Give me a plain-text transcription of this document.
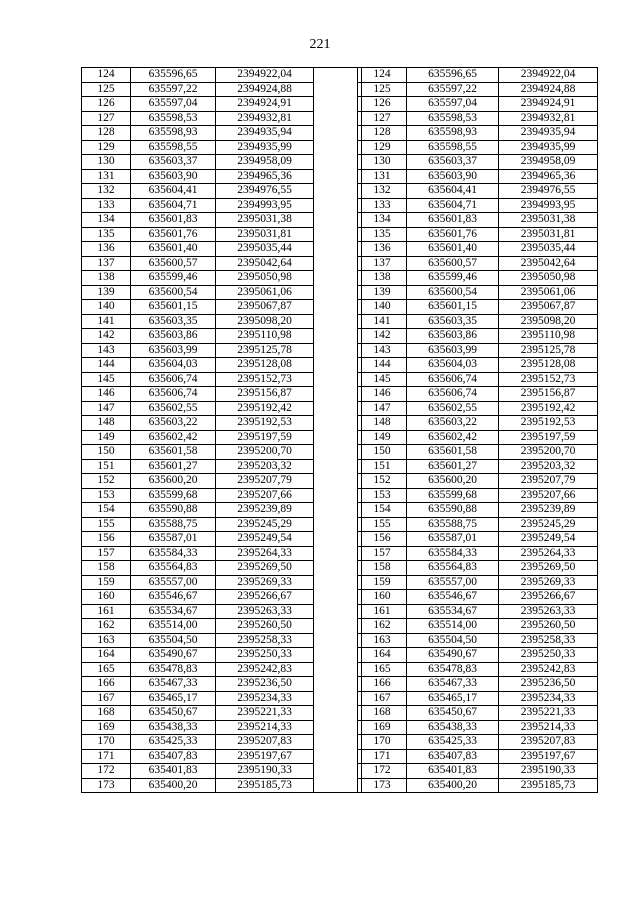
221
124	635596,65	2394922,04	
125	635597,22	2394924,88	
126	635597,04	2394924,91	
127	635598,53	2394932,81	
128	635598,93	2394935,94	
129	635598,55	2394935,99	
130	635603,37	2394958,09	
131	635603,90	2394965,36	
132	635604,41	2394976,55	
133	635604,71	2394993,95	
134	635601,83	2395031,38	
135	635601,76	2395031,81	
136	635601,40	2395035,44	
137	635600,57	2395042,64	
138	635599,46	2395050,98	
139	635600,54	2395061,06	
140	635601,15	2395067,87	
141	635603,35	2395098,20	
142	635603,86	2395110,98	
143	635603,99	2395125,78	
144	635604,03	2395128,08	
145	635606,74	2395152,73	
146	635606,74	2395156,87	
147	635602,55	2395192,42	
148	635603,22	2395192,53	
149	635602,42	2395197,59	
150	635601,58	2395200,70	
151	635601,27	2395203,32	
152	635600,20	2395207,79	
153	635599,68	2395207,66	
154	635590,88	2395239,89	
155	635588,75	2395245,29	
156	635587,01	2395249,54	
157	635584,33	2395264,33	
158	635564,83	2395269,50	
159	635557,00	2395269,33	
160	635546,67	2395266,67	
161	635534,67	2395263,33	
162	635514,00	2395260,50	
163	635504,50	2395258,33	
164	635490,67	2395250,33	
165	635478,83	2395242,83	
166	635467,33	2395236,50	
167	635465,17	2395234,33	
168	635450,67	2395221,33	
169	635438,33	2395214,33	
170	635425,33	2395207,83	
171	635407,83	2395197,67	
172	635401,83	2395190,33	
173	635400,20	2395185,73	
124	635596,65	2394922,04
125	635597,22	2394924,88
126	635597,04	2394924,91
127	635598,53	2394932,81
128	635598,93	2394935,94
129	635598,55	2394935,99
130	635603,37	2394958,09
131	635603,90	2394965,36
132	635604,41	2394976,55
133	635604,71	2394993,95
134	635601,83	2395031,38
135	635601,76	2395031,81
136	635601,40	2395035,44
137	635600,57	2395042,64
138	635599,46	2395050,98
139	635600,54	2395061,06
140	635601,15	2395067,87
141	635603,35	2395098,20
142	635603,86	2395110,98
143	635603,99	2395125,78
144	635604,03	2395128,08
145	635606,74	2395152,73
146	635606,74	2395156,87
147	635602,55	2395192,42
148	635603,22	2395192,53
149	635602,42	2395197,59
150	635601,58	2395200,70
151	635601,27	2395203,32
152	635600,20	2395207,79
153	635599,68	2395207,66
154	635590,88	2395239,89
155	635588,75	2395245,29
156	635587,01	2395249,54
157	635584,33	2395264,33
158	635564,83	2395269,50
159	635557,00	2395269,33
160	635546,67	2395266,67
161	635534,67	2395263,33
162	635514,00	2395260,50
163	635504,50	2395258,33
164	635490,67	2395250,33
165	635478,83	2395242,83
166	635467,33	2395236,50
167	635465,17	2395234,33
168	635450,67	2395221,33
169	635438,33	2395214,33
170	635425,33	2395207,83
171	635407,83	2395197,67
172	635401,83	2395190,33
173	635400,20	2395185,73
